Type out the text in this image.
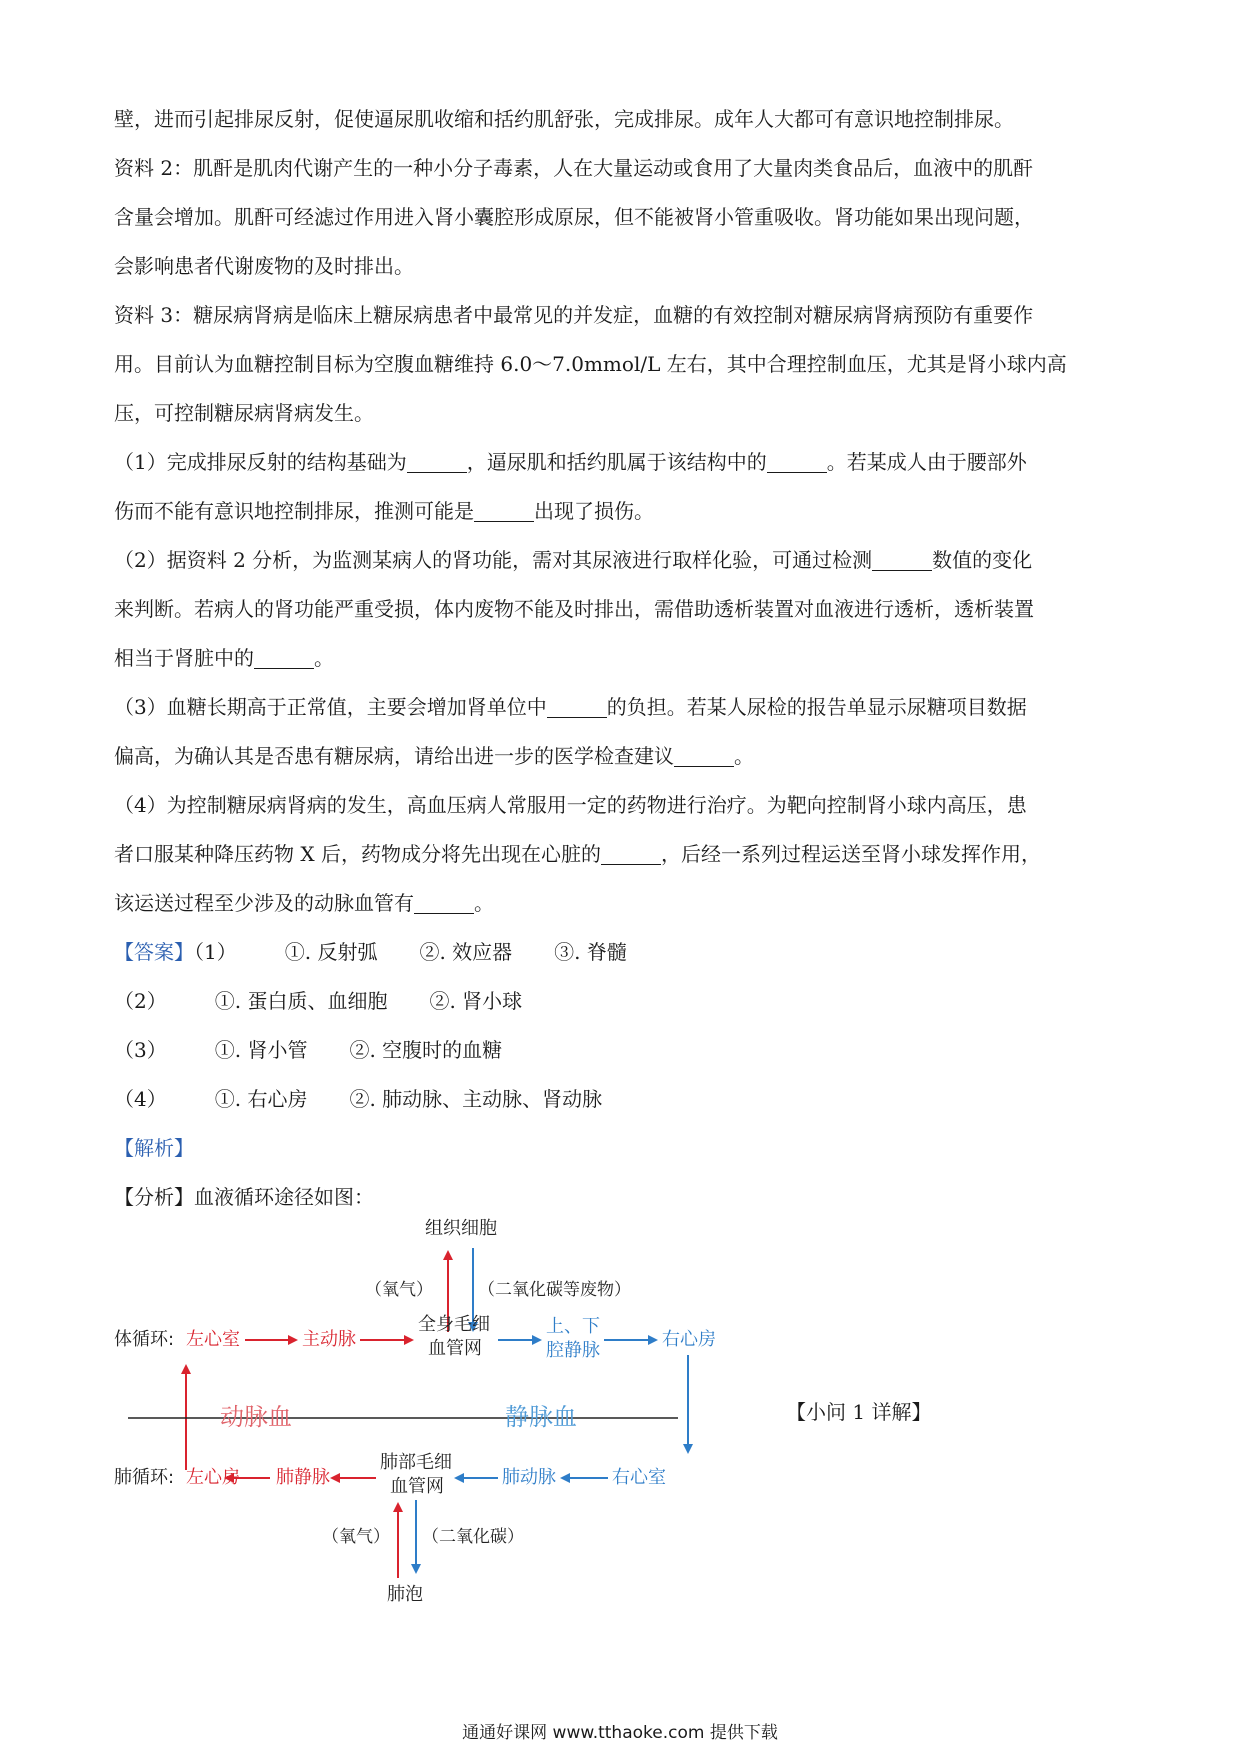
壁，进而引起排尿反射，促使逼尿肌收缩和括约肌舒张，完成排尿。成年人大都可有意识地控制排尿。
资料 2：肌酐是肌肉代谢产生的一种小分子毒素，人在大量运动或食用了大量肉类食品后，血液中的肌酐
含量会增加。肌酐可经滤过作用进入肾小囊腔形成原尿，但不能被肾小管重吸收。肾功能如果出现问题，
会影响患者代谢废物的及时排出。
资料 3：糖尿病肾病是临床上糖尿病患者中最常见的并发症，血糖的有效控制对糖尿病肾病预防有重要作
用。目前认为血糖控制目标为空腹血糖维持 6.0～7.0mmol/L 左右，其中合理控制血压，尤其是肾小球内高
压，可控制糖尿病肾病发生。
（1）完成排尿反射的结构基础为	，逼尿肌和括约肌属于该结构中的	。若某成人由于腰部外
伤而不能有意识地控制排尿，推测可能是	出现了损伤。
（2）据资料 2 分析，为监测某病人的肾功能，需对其尿液进行取样化验，可通过检测	数值的变化
来判断。若病人的肾功能严重受损，体内废物不能及时排出，需借助透析装置对血液进行透析，透析装置
相当于肾脏中的	。
（3）血糖长期高于正常值，主要会增加肾单位中	的负担。若某人尿检的报告单显示尿糖项目数据
偏高，为确认其是否患有糖尿病，请给出进一步的医学检查建议	。
（4）为控制糖尿病肾病的发生，高血压病人常服用一定的药物进行治疗。为靶向控制肾小球内高压，患
者口服某种降压药物 X 后，药物成分将先出现在心脏的	，后经一系列过程运送至肾小球发挥作用，
该运送过程至少涉及的动脉血管有	。
【答案】（1） ①. 反射弧 ②. 效应器 ③. 脊髓
（2） ①. 蛋白质、血细胞 ②. 肾小球
（3） ①. 肾小管 ②. 空腹时的血糖
（4） ①. 右心房 ②. 肺动脉、主动脉、肾动脉
【解析】
【分析】血液循环途径如图：
组织细胞
（氧气）	（二氧化碳等废物）
体循环: 左心室	主动脉
全身毛细
血管网
上、下
腔静脉
右心房
动脉血	静脉血
肺循环: 左心房 肺静脉
肺部毛细
血管网	肺动脉	右心室
（氧气） （二氧化碳）
肺泡
【小问 1 详解】
通通好课网 www.tthaoke.com 提供下载
